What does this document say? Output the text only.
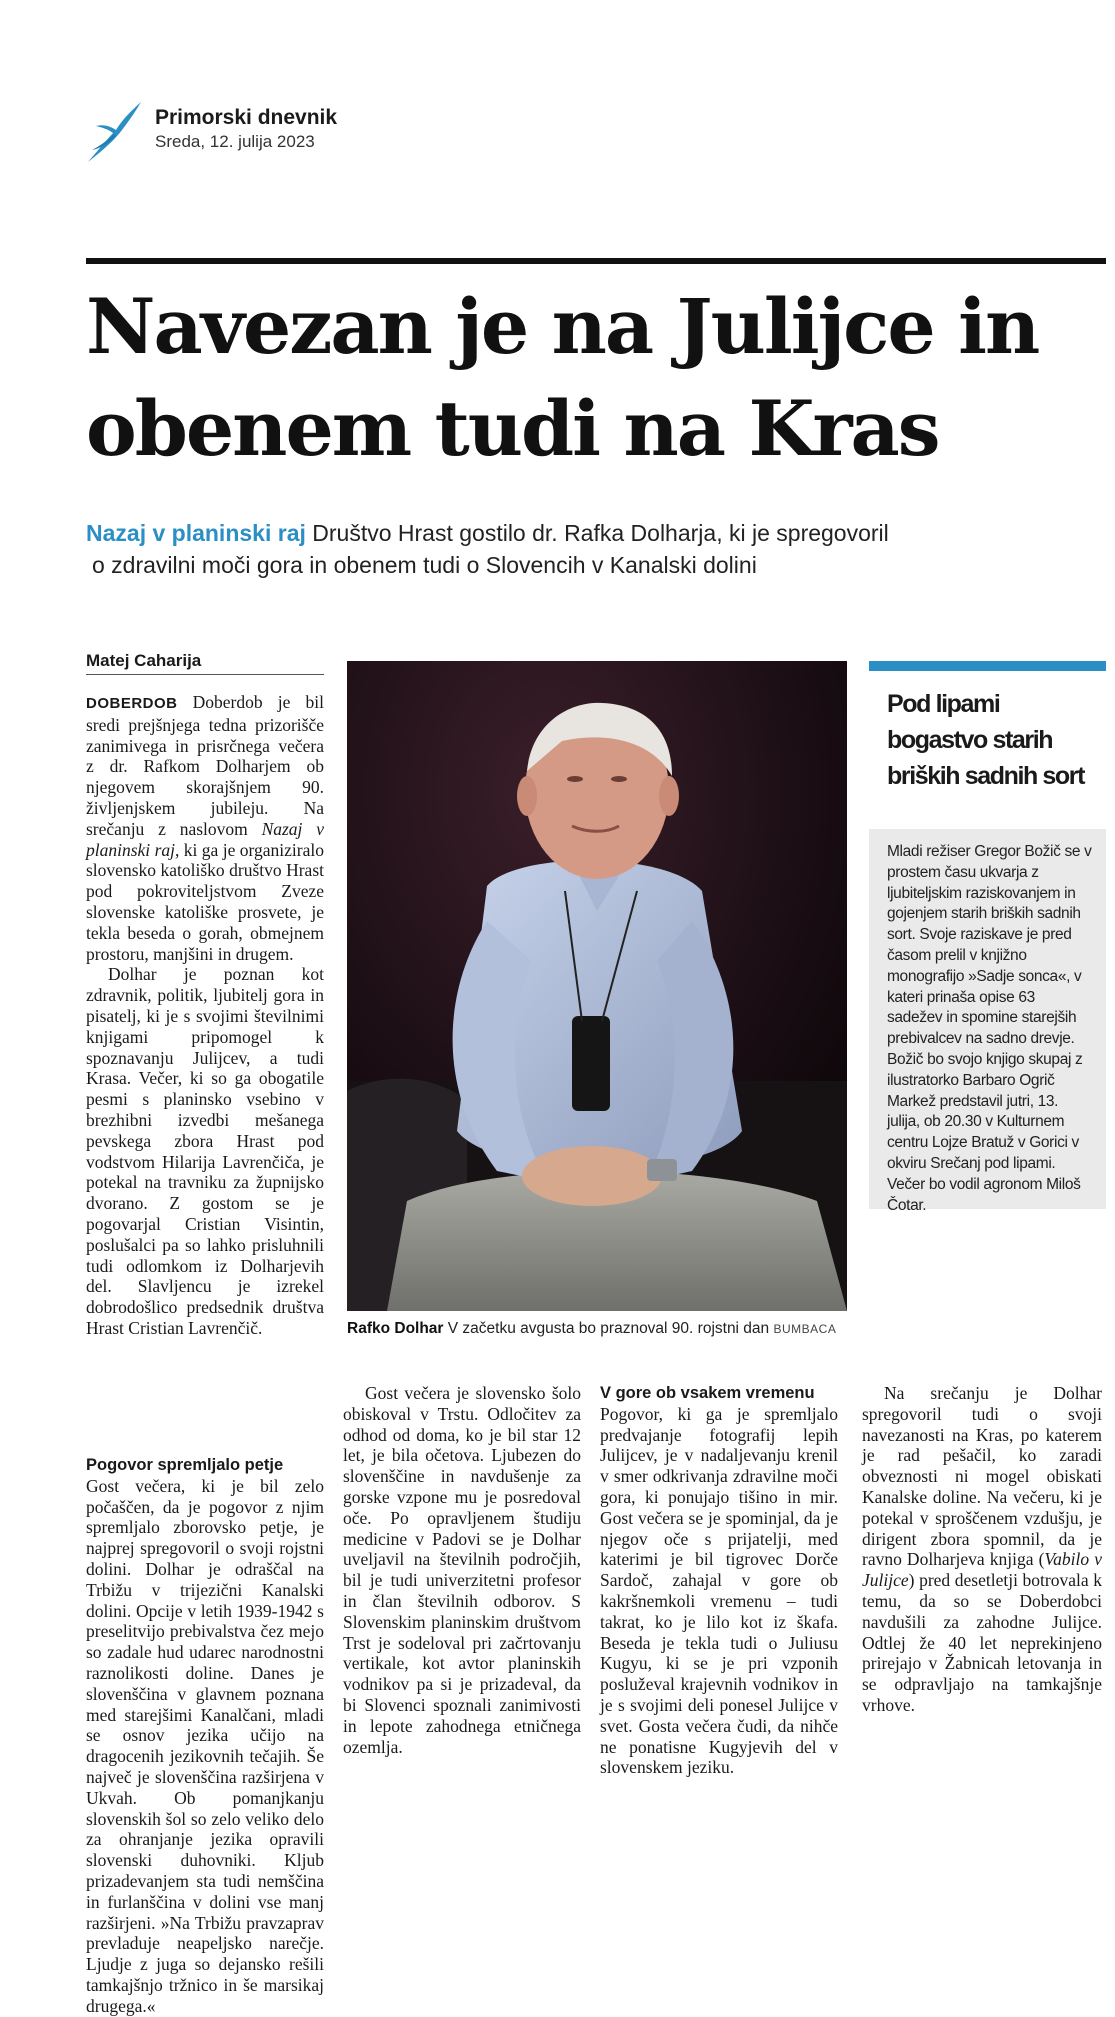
Primorski dnevnik
Sreda, 12. julija 2023
Navezan je na Julijce in
obenem tudi na Kras
Nazaj v planinski raj Društvo Hrast gostilo dr. Rafka Dolharja, ki je spregovoril
o zdravilni moči gora in obenem tudi o Slovencih v Kanalski dolini
Matej Caharija

DOBERDOB Doberdob je bil sredi prejšnjega tedna prizorišče zanimivega in prisrčnega večera z dr. Rafkom Dolharjem ob njegovem skorajšnjem 90. življenjskem jubileju. Na srečanju z naslovom Nazaj v planinski raj, ki ga je organiziralo slovensko katoliško društvo Hrast pod pokroviteljstvom Zveze slovenske katoliške prosvete, je tekla beseda o gorah, obmejnem prostoru, manjšini in drugem.

Dolhar je poznan kot zdravnik, politik, ljubitelj gora in pisatelj, ki je s svojimi številnimi knjigami pripomogel k spoznavanju Julijcev, a tudi Krasa. Večer, ki so ga obogatile pesmi s planinsko vsebino v brezhibni izvedbi mešanega pevskega zbora Hrast pod vodstvom Hilarija Lavrenčiča, je potekal na travniku za župnijsko dvorano. Z gostom se je pogovarjal Cristian Visintin, poslušalci pa so lahko prisluhnili tudi odlomkom iz Dolharjevih del. Slavljencu je izrekel dobrodošlico predsednik društva Hrast Cristian Lavrenčič.

Pogovor spremljalo petje

Gost večera, ki je bil zelo počaščen, da je pogovor z njim spremljalo zborovsko petje, je najprej spregovoril o svoji rojstni dolini. Dolhar je odraščal na Trbižu v trijezični Kanalski dolini. Opcije v letih 1939-1942 s preselitvijo prebivalstva čez mejo so zadale hud udarec narodnostni raznolikosti doline. Danes je slovenščina v glavnem poznana med starejšimi Kanalčani, mladi se osnov jezika učijo na dragocenih jezikovnih tečajih. Še največ je slovenščina razširjena v Ukvah. Ob pomanjkanju slovenskih šol so zelo veliko delo za ohranjanje jezika opravili slovenski duhovniki. Kljub prizadevanjem sta tudi nemščina in furlanščina v dolini vse manj razširjeni. »Na Trbižu pravzaprav prevladuje neapeljsko narečje. Ljudje z juga so dejansko rešili tamkajšnjo tržnico in še marsikaj drugega.«

Gost večera je slovensko šolo obiskoval v Trstu. Odločitev za odhod od doma, ko je bil star 12 let, je bila očetova. Ljubezen do slovenščine in navdušenje za gorske vzpone mu je posredoval oče. Po opravljenem študiju medicine v Padovi se je Dolhar uveljavil na številnih področjih, bil je tudi univerzitetni profesor in član številnih odborov. S Slovenskim planinskim društvom Trst je sodeloval pri začrtovanju vertikale, kot avtor planinskih vodnikov pa si je prizadeval, da bi Slovenci spoznali zanimivosti in lepote zahodnega etničnega ozemlja.

V gore ob vsakem vremenu

Pogovor, ki ga je spremljalo predvajanje fotografij lepih Julijcev, je v nadaljevanju krenil v smer odkrivanja zdravilne moči gora, ki ponujajo tišino in mir. Gost večera se je spominjal, da je njegov oče s prijatelji, med katerimi je bil tigrovec Dorče Sardoč, zahajal v gore ob kakršnemkoli vremenu – tudi takrat, ko je lilo kot iz škafa. Beseda je tekla tudi o Juliusu Kugyu, ki se je pri vzponih posluževal krajevnih vodnikov in je s svojimi deli ponesel Julijce v svet. Gosta večera čudi, da nihče ne ponatisne Kugyjevih del v slovenskem jeziku.

Na srečanju je Dolhar spregovoril tudi o svoji navezanosti na Kras, po katerem je rad pešačil, ko zaradi obveznosti ni mogel obiskati Kanalske doline. Na večeru, ki je potekal v sproščenem vzdušju, je dirigent zbora spomnil, da je ravno Dolharjeva knjiga (Vabilo v Julijce) pred desetletji botrovala k temu, da so se Doberdobci navdušili za zahodne Julijce. Odtlej že 40 let neprekinjeno prirejajo v Žabnicah letovanja in se odpravljajo na tamkajšnje vrhove.

Rafko Dolhar V začetku avgusta bo praznoval 90. rojstni dan BUMBACA
Pod lipami
bogastvo starih
briških sadnih sort
Mladi režiser Gregor Božič se v prostem času ukvarja z ljubiteljskim raziskovanjem in gojenjem starih briških sadnih sort. Svoje raziskave je pred časom prelil v knjižno monografijo »Sadje sonca«, v kateri prinaša opise 63 sadežev in spomine starejših prebivalcev na sadno drevje. Božič bo svojo knjigo skupaj z ilustratorko Barbaro Ogrič Markež predstavil jutri, 13. julija, ob 20.30 v Kulturnem centru Lojze Bratuž v Gorici v okviru Srečanj pod lipami. Večer bo vodil agronom Miloš Čotar.
